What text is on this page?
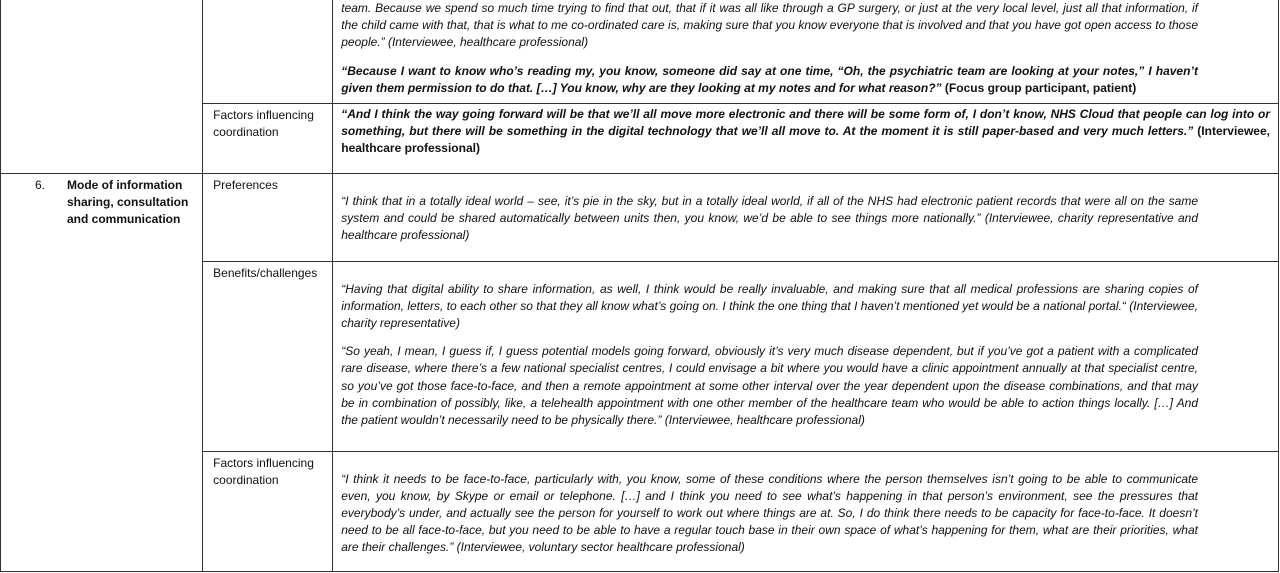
		team. Because we spend so much time trying to find that out, that if it was all like through a GP surgery, or just at the very local level, just all that information, if the child came with that, that is what to me co-ordinated care is, making sure that you know everyone that is involved and that you have got open access to those people.” (Interviewee, healthcare professional)

“Because I want to know who’s reading my, you know, someone did say at one time, “Oh, the psychiatric team are looking at your notes,” I haven’t given them permission to do that. […] You know, why are they looking at my notes and for what reason?” (Focus group participant, patient)

	Factors influencing coordination	“And I think the way going forward will be that we’ll all move more electronic and there will be some form of, I don’t know, NHS Cloud that people can log into or something, but there will be something in the digital technology that we’ll all move to. At the moment it is still paper-based and very much letters.” (Interviewee, healthcare professional)

6. Mode of information sharing, consultation and communication	Preferences	“I think that in a totally ideal world – see, it’s pie in the sky, but in a totally ideal world, if all of the NHS had electronic patient records that were all on the same system and could be shared automatically between units then, you know, we’d be able to see things more nationally.” (Interviewee, charity representative and healthcare professional)

	Benefits/challenges	“Having that digital ability to share information, as well, I think would be really invaluable, and making sure that all medical professions are sharing copies of information, letters, to each other so that they all know what’s going on. I think the one thing that I haven’t mentioned yet would be a national portal.“ (Interviewee, charity representative)

“So yeah, I mean, I guess if, I guess potential models going forward, obviously it’s very much disease dependent, but if you’ve got a patient with a complicated rare disease, where there’s a few national specialist centres, I could envisage a bit where you would have a clinic appointment annually at that specialist centre, so you’ve got those face-to-face, and then a remote appointment at some other interval over the year dependent upon the disease combinations, and that may be in combination of possibly, like, a telehealth appointment with one other member of the healthcare team who would be able to action things locally. […] And the patient wouldn’t necessarily need to be physically there.” (Interviewee, healthcare professional)

	Factors influencing coordination	“I think it needs to be face-to-face, particularly with, you know, some of these conditions where the person themselves isn’t going to be able to communicate even, you know, by Skype or email or telephone. […] and I think you need to see what’s happening in that person’s environment, see the pressures that everybody’s under, and actually see the person for yourself to work out where things are at. So, I do think there needs to be capacity for face-to-face. It doesn’t need to be all face-to-face, but you need to be able to have a regular touch base in their own space of what’s happening for them, what are their priorities, what are their challenges.” (Interviewee, voluntary sector healthcare professional)
